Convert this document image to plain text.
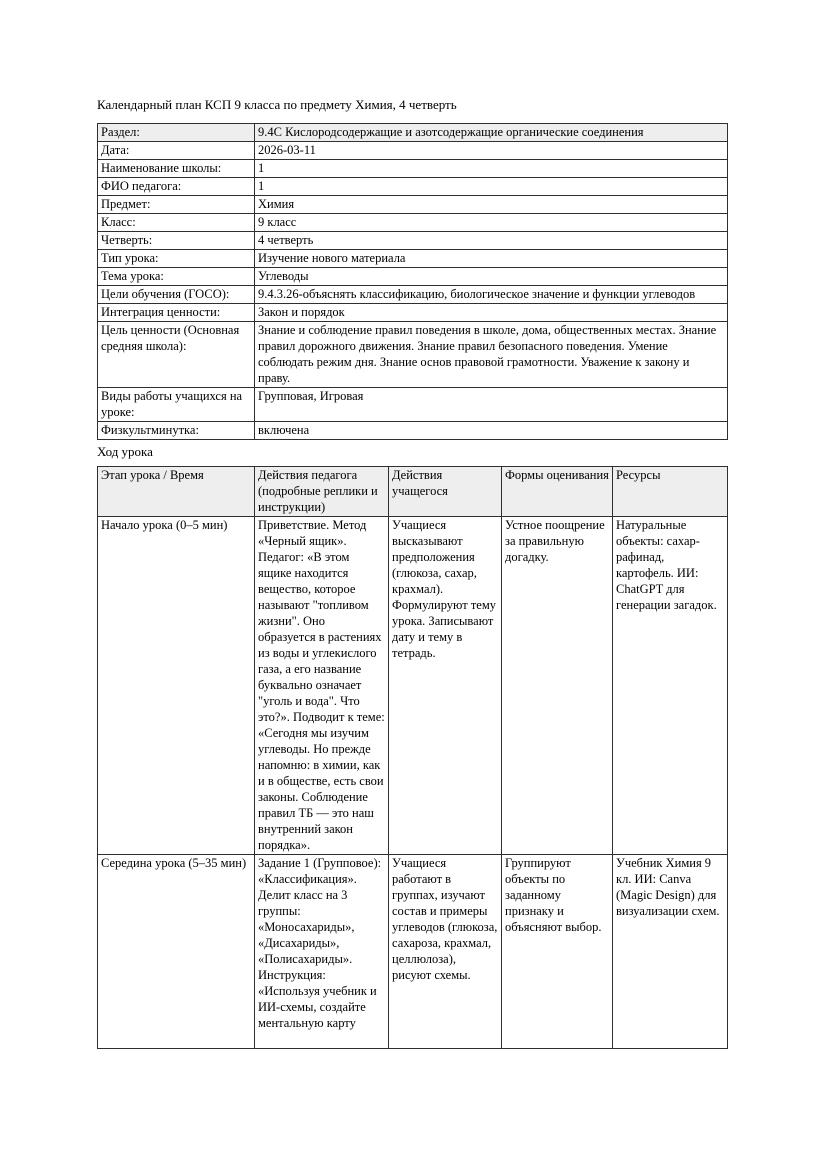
Календарный план КСП 9 класса по предмету Химия, 4 четверть

Раздел:	9.4С Кислородсодержащие и азотсодержащие органические соединения
Дата:	2026-03-11
Наименование школы:	1
ФИО педагога:	1
Предмет:	Химия
Класс:	9 класс
Четверть:	4 четверть
Тип урока:	Изучение нового материала
Тема урока:	Углеводы
Цели обучения (ГОСО):	9.4.3.26-объяснять классификацию, биологическое значение и функции углеводов
Интеграция ценности:	Закон и порядок
Цель ценности (Основная средняя школа):	Знание и соблюдение правил поведения в школе, дома, общественных местах. Знание правил дорожного движения. Знание правил безопасного поведения. Умение соблюдать режим дня. Знание основ правовой грамотности. Уважение к закону и праву.
Виды работы учащихся на уроке:	Групповая, Игровая
Физкультминутка:	включена

Ход урока

Этап урока / Время	Действия педагога (подробные реплики и инструкции)	Действия учащегося	Формы оценивания	Ресурсы
Начало урока (0–5 мин)	Приветствие. Метод «Черный ящик». Педагог: «В этом ящике находится вещество, которое называют "топливом жизни". Оно образуется в растениях из воды и углекислого газа, а его название буквально означает "уголь и вода". Что это?». Подводит к теме: «Сегодня мы изучим углеводы. Но прежде напомню: в химии, как и в обществе, есть свои законы. Соблюдение правил ТБ — это наш внутренний закон порядка».	Учащиеся высказывают предположения (глюкоза, сахар, крахмал). Формулируют тему урока. Записывают дату и тему в тетрадь.	Устное поощрение за правильную догадку.	Натуральные объекты: сахар-рафинад, картофель. ИИ: ChatGPT для генерации загадок.

Середина урока (5–35 мин)	Задание 1 (Групповое): «Классификация». Делит класс на 3 группы: «Моносахариды», «Дисахариды», «Полисахариды». Инструкция: «Используя учебник и ИИ-схемы, создайте ментальную карту	Учащиеся работают в группах, изучают состав и примеры углеводов (глюкоза, сахароза, крахмал, целлюлоза), рисуют схемы.	Группируют объекты по заданному признаку и объясняют выбор.	Учебник Химия 9 кл. ИИ: Canva (Magic Design) для визуализации схем.
